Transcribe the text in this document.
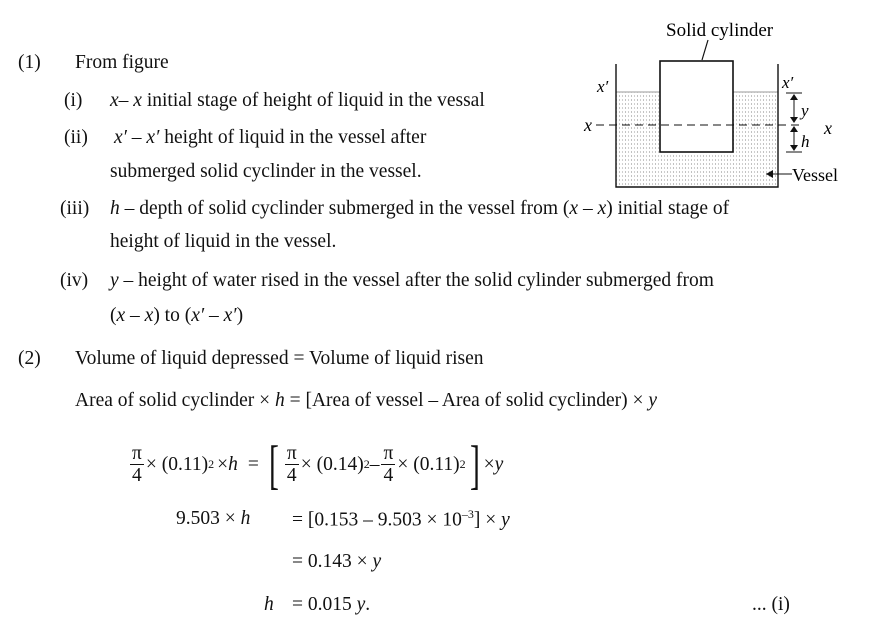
(1) From figure
(i) x– x initial stage of height of liquid in the vessal
(ii) x′ – x′ height of liquid in the vessel after
submerged solid cyclinder in the vessel.
(iii) h – depth of solid cyclinder submerged in the vessel from (x – x) initial stage of
height of liquid in the vessel.
(iv) y – height of water rised in the vessel after the solid cylinder submerged from
(x – x) to (x′ – x′)
(2) Volume of liquid depressed = Volume of liquid risen
Area of solid cyclinder × h = [Area of vessel – Area of solid cyclinder) × y
$\frac{\pi}{4} \times (0.11) 2 \times h$ = [ $\frac{\pi}{4} \times (0.14)$ $2 - \frac{\pi}{4} \times (0.11)$ 2 ] × y
$9.503 \times h = [0.153 - 9.503 \times 10^{-3}] \times y$
= 0.143 × y
h = 0.015 y.	... (i)
Solid cylinder
x′
x
x′
x
y
h
Vessel
